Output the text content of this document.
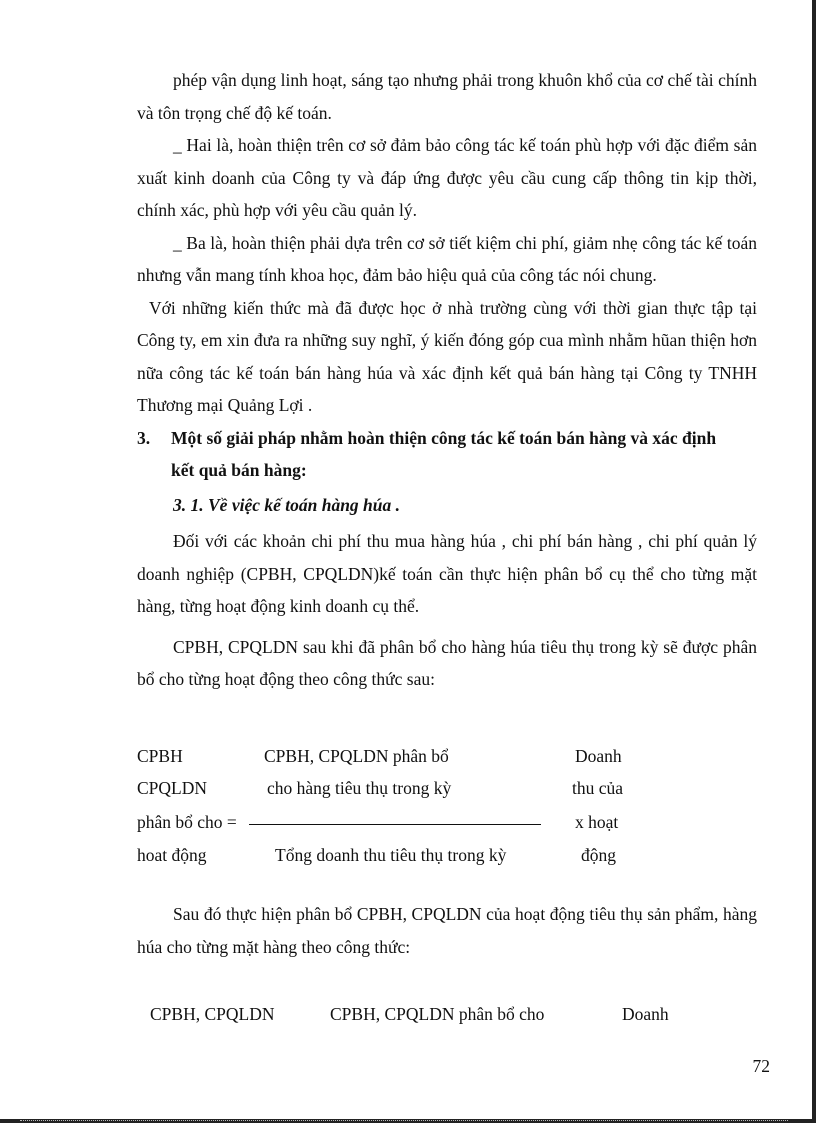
phép vận dụng linh hoạt, sáng tạo nhưng phải trong khuôn khổ của cơ chế tài chính và tôn trọng chế độ kế toán.

_ Hai là, hoàn thiện trên cơ sở đảm bảo công tác kế toán phù hợp với đặc điểm sản xuất kinh doanh của Công ty và đáp ứng được yêu cầu cung cấp thông tin kịp thời, chính xác, phù hợp với yêu cầu quản lý.

_ Ba là, hoàn thiện phải dựa trên cơ sở tiết kiệm chi phí, giảm nhẹ công tác kế toán nhưng vẫn mang tính khoa học, đảm bảo hiệu quả của công tác nói chung.

Với những kiến thức mà đã được học ở nhà trường cùng với thời gian thực tập tại Công ty, em xin đưa ra những suy nghĩ, ý kiến đóng góp cua mình nhằm hũan thiện hơn nữa công tác kế toán bán hàng húa và xác định kết quả bán hàng tại Công ty TNHH Thương mại Quảng Lợi .

3. Một số giải pháp nhằm hoàn thiện công tác kế toán bán hàng và xác định

kết quả bán hàng:

3. 1. Về việc kế toán hàng húa .

Đối với các khoản chi phí thu mua hàng húa , chi phí bán hàng , chi phí quản lý doanh nghiệp (CPBH, CPQLDN)kế toán cần thực hiện phân bổ cụ thể cho từng mặt hàng, từng hoạt động kinh doanh cụ thể.

CPBH, CPQLDN sau khi đã phân bổ cho hàng húa tiêu thụ trong kỳ sẽ được phân bổ cho từng hoạt động theo công thức sau:

CPBH
CPQLDN
phân bổ cho =
hoat động
CPBH, CPQLDN phân bổ
cho hàng tiêu thụ trong kỳ
Tổng doanh thu tiêu thụ trong kỳ
Doanh
thu của
x hoạt
động

Sau đó thực hiện phân bổ CPBH, CPQLDN của hoạt động tiêu thụ sản phẩm, hàng húa cho từng mặt hàng theo công thức:

CPBH, CPQLDN	CPBH, CPQLDN phân bổ cho	Doanh
72
